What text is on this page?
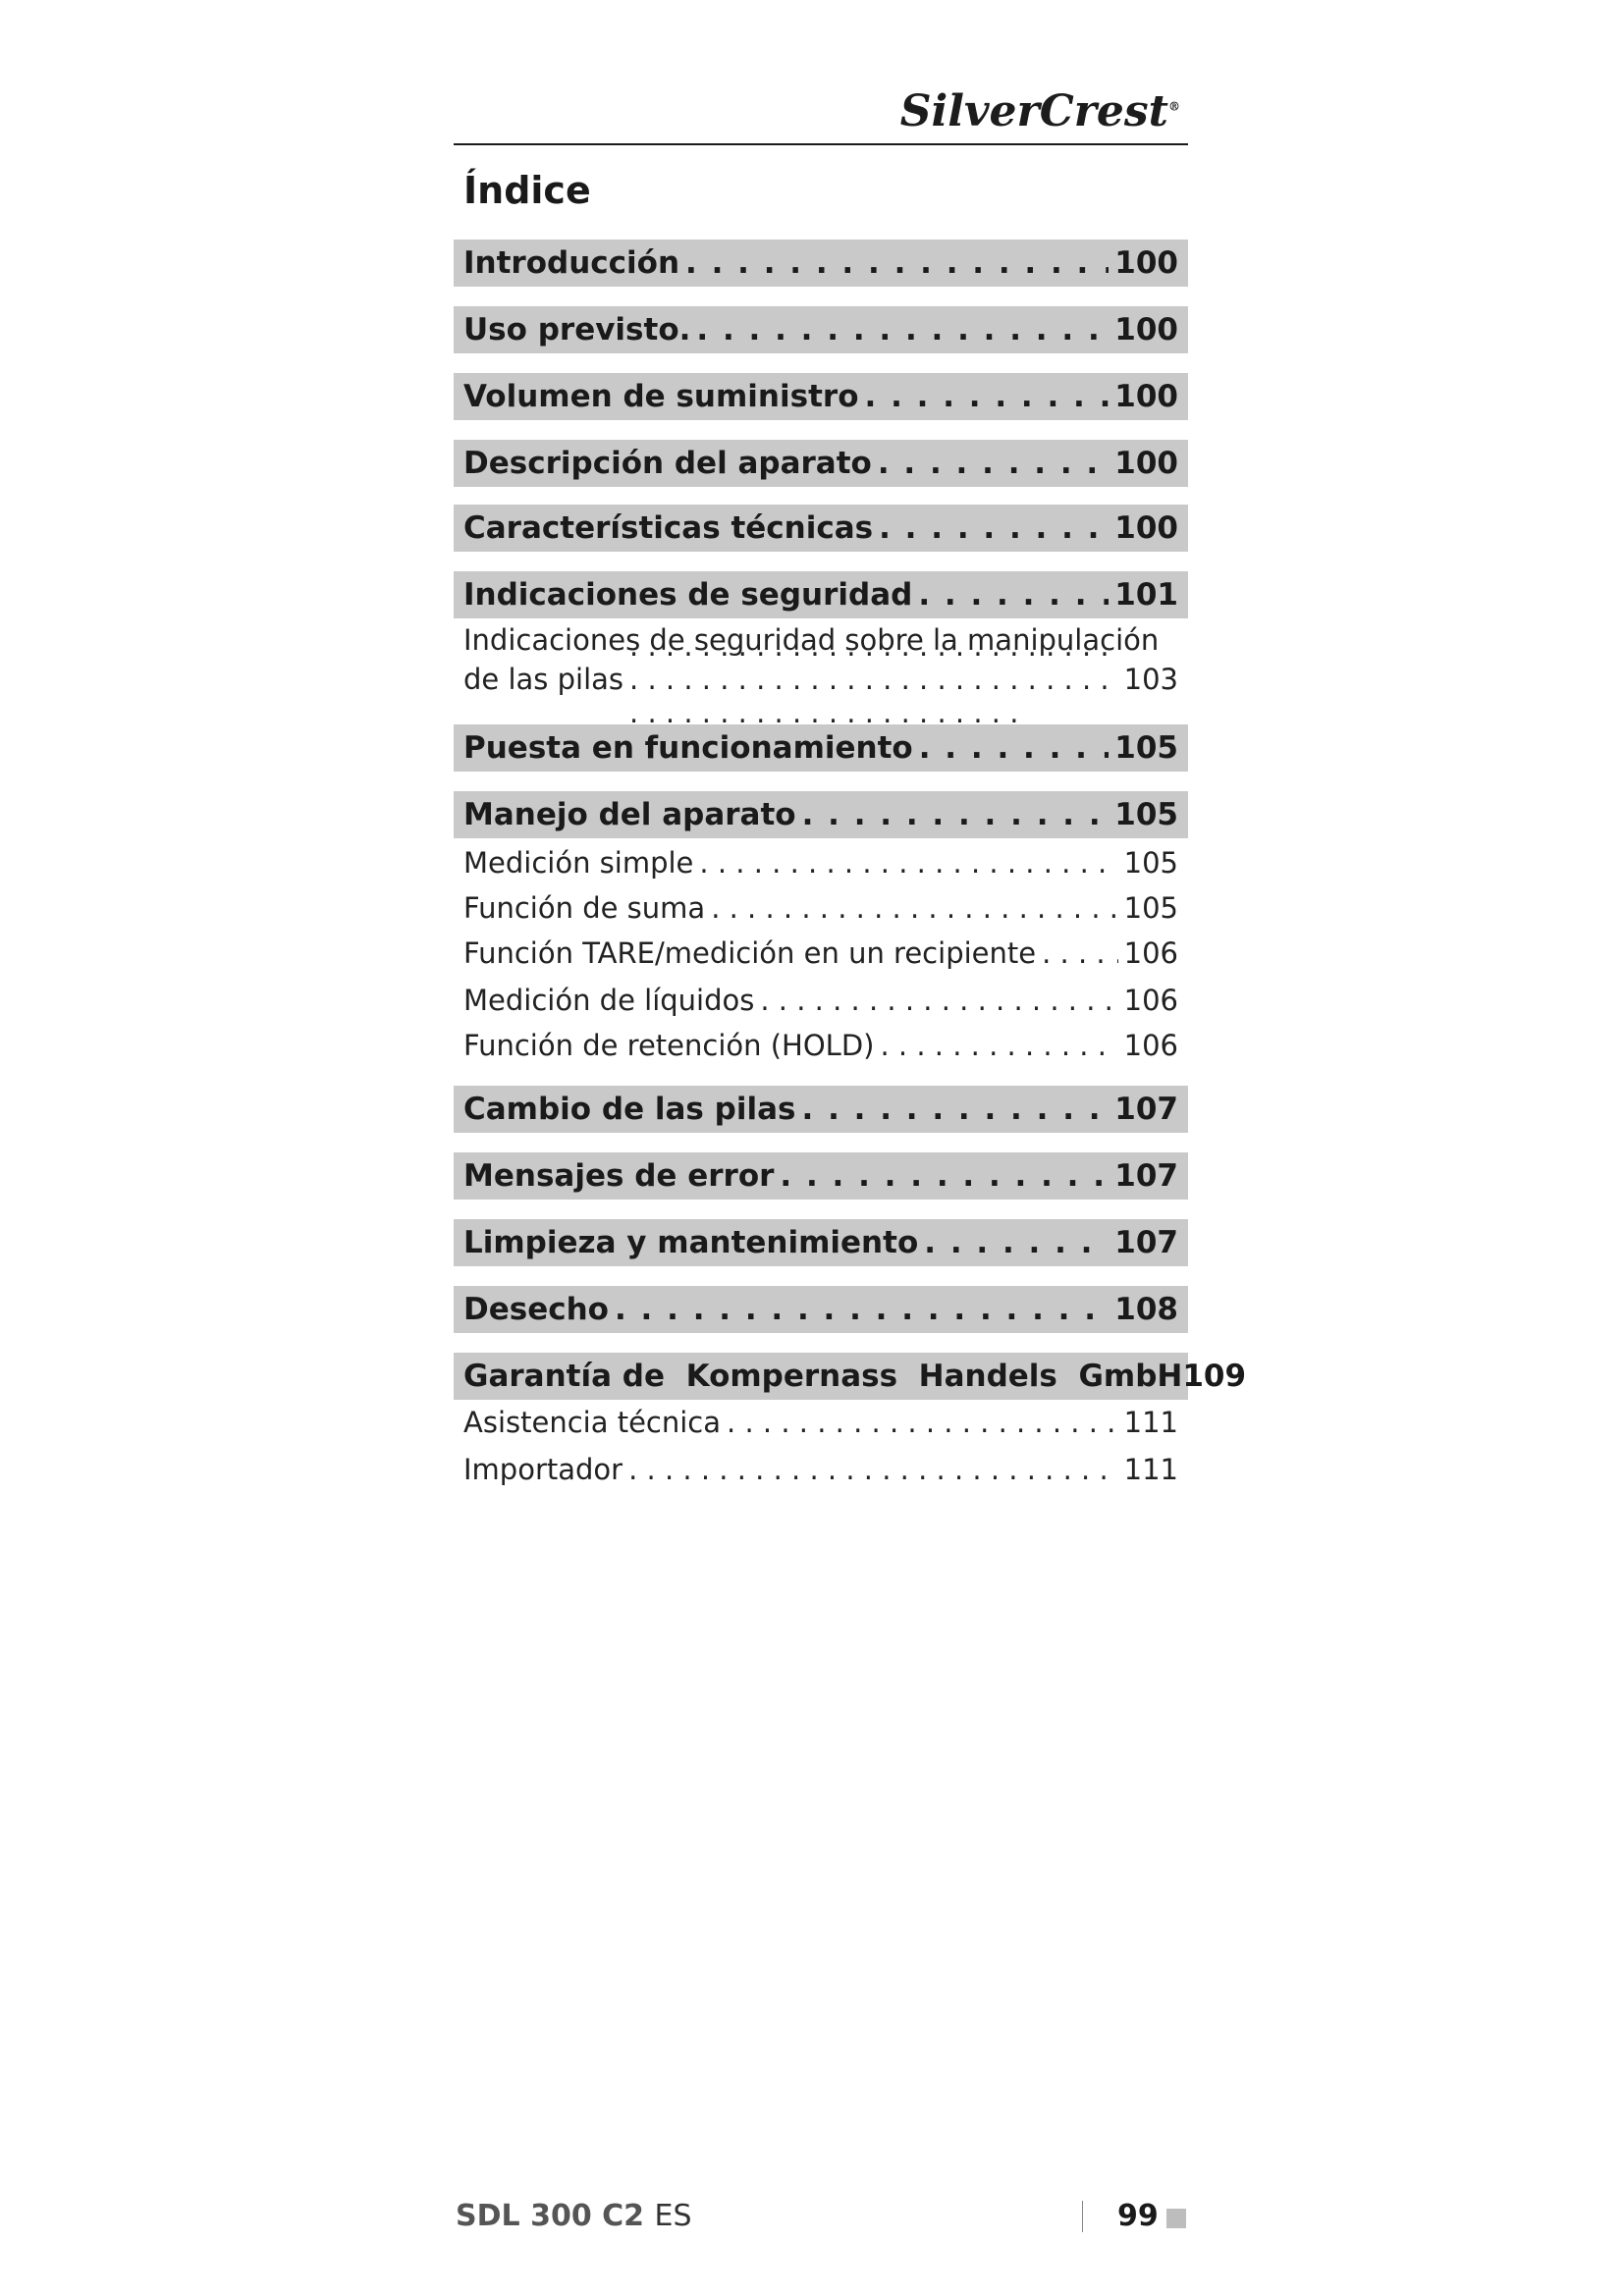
SilverCrest®
Índice
Introducción . . .	100
Uso previsto. . . .	100
Volumen de suministro . . .	100
Descripción del aparato . . .	100
Características técnicas . . .	100
Indicaciones de seguridad . . .	101
Indicaciones de seguridad sobre la manipulación
de las pilas . . .	103
Puesta en funcionamiento . . .	105
Manejo del aparato . . .	105
Medición simple . . .	105
Función de suma . . .	105
Función TARE/medición en un recipiente . . .	106
Medición de líquidos . . .	106
Función de retención (HOLD) . . .	106
Cambio de las pilas . . .	107
Mensajes de error . . .	107
Limpieza y mantenimiento . . .	107
Desecho . . .	108
Garantía de  Kompernass  Handels  GmbH 109
Asistencia técnica . . .	111
Importador . . .	111
SDL 300 C2 ES	99
